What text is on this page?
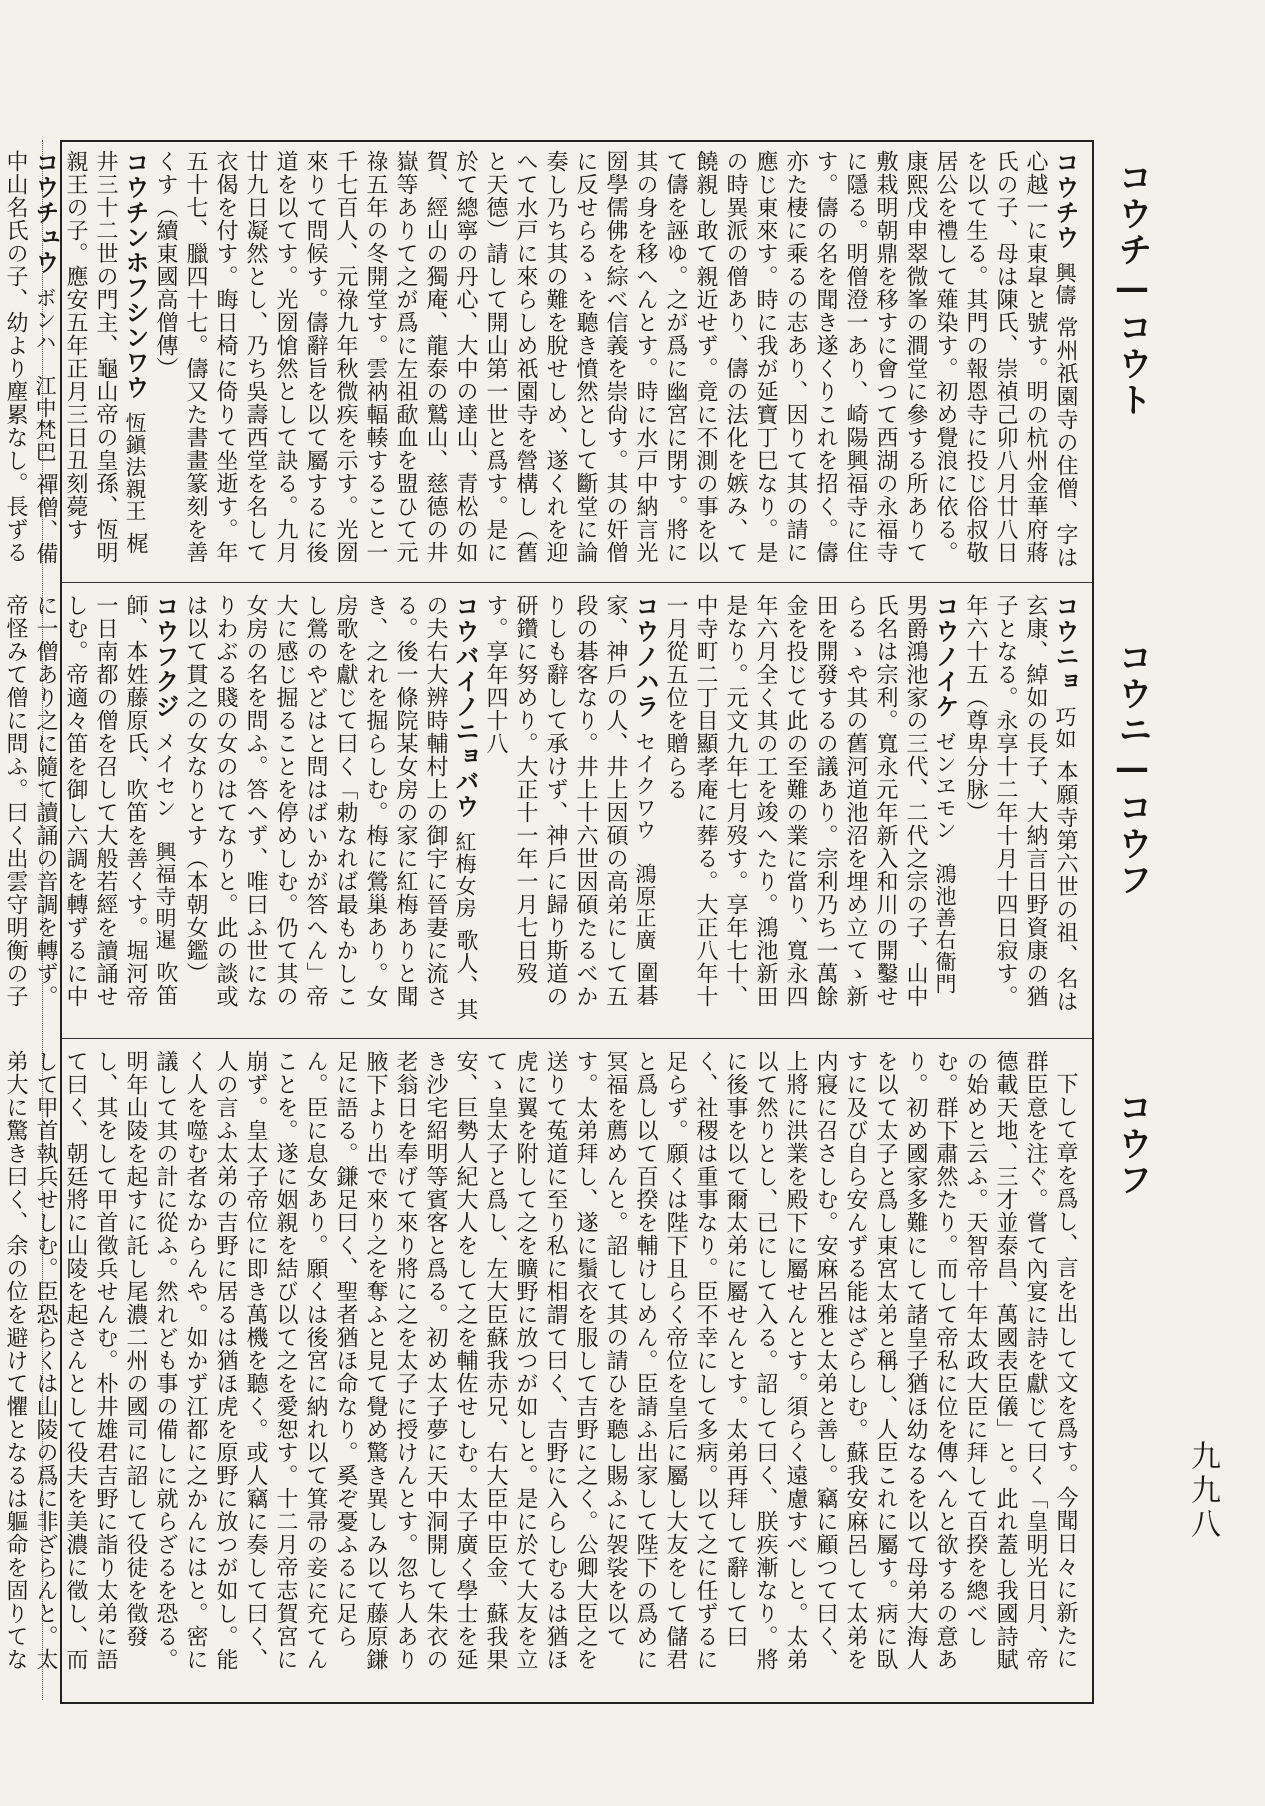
コウチ—コウト
コウニ—コウフ
コウフ
九九八
コウチウ興儔常州祇園寺の住僧、字は心越一に東皐と號す。明の杭州金華府蔣氏の子、母は陳氏、崇禎己卯八月廿八日を以て生る。其門の報恩寺に投じ俗叔敬居公を禮して薙染す。初め覺浪に依る。康熙戊申翠微峯の澗堂に參する所ありて敷栽明朝鼎を移すに會つて西湖の永福寺に隱る。明僧澄一あり、崎陽興福寺に住す。儔の名を聞き遂くりこれを招く。儔亦た棲に乘るの志あり、因りて其の請に應じ東來す。時に我が延寶丁巳なり。是の時異派の僧あり、儔の法化を嫉み、て饒親し敢て親近せず。竟に不測の事を以て儔を誣ゆ。之が爲に幽宮に閉す。將に其の身を移へんとす。時に水戸中納言光圀學儒佛を綜べ信義を崇尙す。其の奸僧に反せらるゝを聽き憤然として斷堂に論奏し乃ち其の難を脫せしめ、遂くれを迎へて水戸に來らしめ祇園寺を營構し（舊と天德）請して開山第一世と爲す。是に於て總寧の丹心、大中の達山、青松の如賀、經山の獨庵、龍泰の鷲山、慈德の井嶽等ありて之が爲に左祖歃血を盟ひて元祿五年の冬開堂す。雲衲輻輳すること一千七百人、元祿九年秋微疾を示す。光圀來りて問候す。儔辭旨を以て屬するに後道を以てす。光圀愴然として訣る。九月廿九日凝然とし、乃ち吳壽西堂を名して衣偈を付す。晦日椅に倚りて坐逝す。年五十七、臘四十七。儔又た書畫篆刻を善くす（續東國高僧傳）
コウチンホフシンワウ恆鎭法親王梶井三十二世の門主、龜山帝の皇孫、恆明親王の子。應安五年正月三日丑刻薨す
コウチュウボンハ　江中梵巴禪僧、備中山名氏の子、幼より塵累なし。長ずる
コウニョ巧如本願寺第六世の祖、名は玄康、綽如の長子、大納言日野資康の猶子となる。永享十二年十月十四日寂す。年六十五（尊卑分脉）
コウノイケゼンヱモン　鴻池善右衞門男爵鴻池家の三代、二代之宗の子、山中氏名は宗利。寬永元年新入和川の開鑿せらるゝや其の舊河道池沼を埋め立てゝ新田を開發するの議あり。宗利乃ち一萬餘金を投じて此の至難の業に當り、寬永四年六月全く其の工を竣へたり。鴻池新田是なり。元文九年七月歿す。享年七十、中寺町二丁目顯孝庵に葬る。大正八年十一月從五位を贈らる
コウノハラセイクワウ　鴻原正廣圍碁家、神戶の人、井上因碩の高弟にして五段の碁客なり。井上十六世因碩たるべかりしも辭して承けず、神戶に歸り斯道の研鑽に努めり。大正十一年一月七日歿す。享年四十八
コウバイノニョバウ紅梅女房歌人、其の夫右大辨時輔村上の御宇に晉妻に流さる。後一條院某女房の家に紅梅ありと聞き、之れを掘らしむ。梅に鶯巢あり。女房歌を獻じて曰く「勅なれば最もかしこし鶯のやどはと問はばいかが答へん」帝大に感じ掘ることを停めしむ。仍て其の女房の名を問ふ。答へず、唯曰ふ世になりわぶる賤の女のはてなりと。此の談或は以て貫之の女なりとす（本朝女鑑）
コウフクジメイセン　興福寺明暹吹笛師、本姓藤原氏、吹笛を善くす。堀河帝一日南都の僧を召して大般若經を讀誦せしむ。帝適々笛を御し六調を轉ずるに中に一僧あり之に隨て讀誦の音調を轉ず。帝怪みて僧に問ふ。曰く出雲守明衡の子
下して章を爲し、言を出して文を爲す。今聞日々に新たに群臣意を注ぐ。嘗て內宴に詩を獻じて曰く「皇明光日月、帝德載天地、三才並泰昌、萬國表臣儀」と。此れ蓋し我國詩賦の始めと云ふ。天智帝十年太政大臣に拜して百揆を總べしむ。群下肅然たり。而して帝私に位を傳へんと欲するの意あり。初め國家多難にして諸皇子猶ほ幼なるを以て母弟大海人を以て太子と爲し東宮太弟と稱し、人臣これに屬す。病に臥すに及び自ら安んずる能はざらしむ。蘇我安麻呂して太弟を内寢に召さしむ。安麻呂雅と太弟と善し。竊に顧つて曰く、上將に洪業を殿下に屬せんとす。須らく遠慮すべしと。太弟以て然りとし、已にして入る。詔して曰く、朕疾漸なり。將に後事を以て爾太弟に屬せんとす。太弟再拜して辭して曰く、社稷は重事なり。臣不幸にして多病。以て之に任ずるに足らず。願くは陛下且らく帝位を皇后に屬し大友をして儲君と爲し以て百揆を輔けしめん。臣請ふ出家して陛下の爲めに冥福を薦めんと。詔して其の請ひを聽し賜ふに袈裟を以てす。太弟拜し、遂に鬚衣を服して吉野に之く。公卿大臣之を送りて菟道に至り私に相謂て曰く、吉野に入らしむるは猶ほ虎に翼を附して之を曠野に放つが如しと。是に於て大友を立てゝ皇太子と爲し、左大臣蘇我赤兄、右大臣中臣金、蘇我果安、巨勢人紀大人をして之を輔佐せしむ。太子廣く學士を延き沙宅紹明等賓客と爲る。初め太子夢に天中洞開して朱衣の老翁日を奉げて來り將に之を太子に授けんとす。忽ち人あり腋下より出で來り之を奪ふと見て覺め驚き異しみ以て藤原鎌足に語る。鎌足曰く、聖者猶ほ命なり。奚ぞ憂ふるに足らん。臣に息女あり。願くは後宮に納れ以て箕帚の妾に充てんことを。遂に姻親を結び以て之を愛恕す。十二月帝志賀宮に崩ず。皇太子帝位に即き萬機を聽く。或人竊に奏して曰く、人の言ふ太弟の吉野に居るは猶ほ虎を原野に放つが如し。能く人を噬む者なからんや。如かず江都に之かんにはと。密に議して其の計に從ふ。然れども事の備しに就らざるを恐る。明年山陵を起すに託し尾濃二州の國司に詔して役徒を徵發し、其をして甲首徵兵せんむ。朴井雄君吉野に詣り太弟に語て曰く、朝廷將に山陵を起さんとして役夫を美濃に徵し、而して甲首執兵せしむ。臣恐らくは山陵の爲に非ざらんと。太弟大に驚き曰く、余の位を避けて懼となるは軀命を固りてな
